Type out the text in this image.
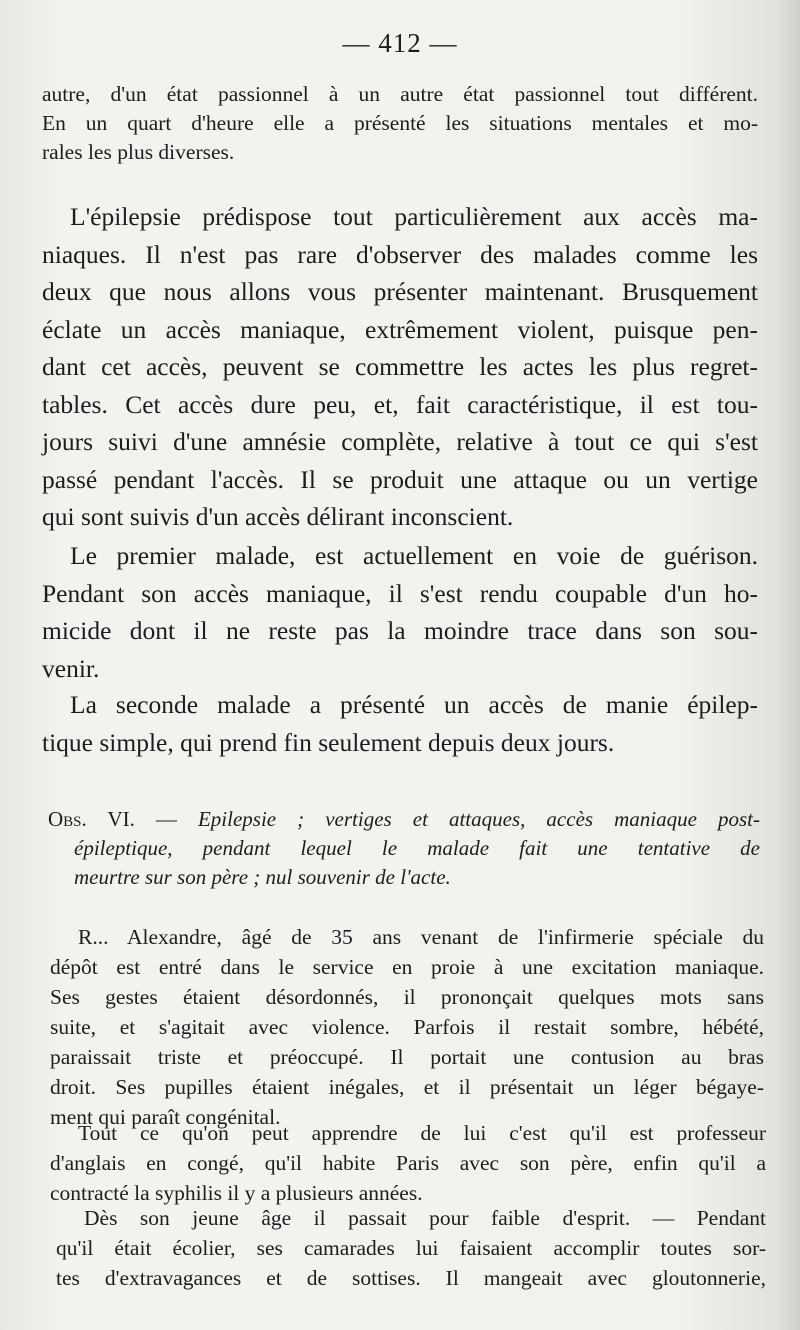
— 412 —
autre, d'un état passionnel à un autre état passionnel tout différent.
En un quart d'heure elle a présenté les situations mentales et mo-
rales les plus diverses.
L'épilepsie prédispose tout particulièrement aux accès ma-
niaques. Il n'est pas rare d'observer des malades comme les
deux que nous allons vous présenter maintenant. Brusquement
éclate un accès maniaque, extrêmement violent, puisque pen-
dant cet accès, peuvent se commettre les actes les plus regret-
tables. Cet accès dure peu, et, fait caractéristique, il est tou-
jours suivi d'une amnésie complète, relative à tout ce qui s'est
passé pendant l'accès. Il se produit une attaque ou un vertige
qui sont suivis d'un accès délirant inconscient.
Le premier malade, est actuellement en voie de guérison.
Pendant son accès maniaque, il s'est rendu coupable d'un ho-
micide dont il ne reste pas la moindre trace dans son sou-
venir.
La seconde malade a présenté un accès de manie épilep-
tique simple, qui prend fin seulement depuis deux jours.
Obs. VI. — Epilepsie ; vertiges et attaques, accès maniaque post-
épileptique, pendant lequel le malade fait une tentative de
meurtre sur son père ; nul souvenir de l'acte.
R... Alexandre, âgé de 35 ans venant de l'infirmerie spéciale du
dépôt est entré dans le service en proie à une excitation maniaque.
Ses gestes étaient désordonnés, il prononçait quelques mots sans
suite, et s'agitait avec violence. Parfois il restait sombre, hébété,
paraissait triste et préoccupé. Il portait une contusion au bras
droit. Ses pupilles étaient inégales, et il présentait un léger bégaye-
ment qui paraît congénital.
Tout ce qu'on peut apprendre de lui c'est qu'il est professeur
d'anglais en congé, qu'il habite Paris avec son père, enfin qu'il a
contracté la syphilis il y a plusieurs années.
Dès son jeune âge il passait pour faible d'esprit. — Pendant
qu'il était écolier, ses camarades lui faisaient accomplir toutes sor-
tes d'extravagances et de sottises. Il mangeait avec gloutonnerie,
